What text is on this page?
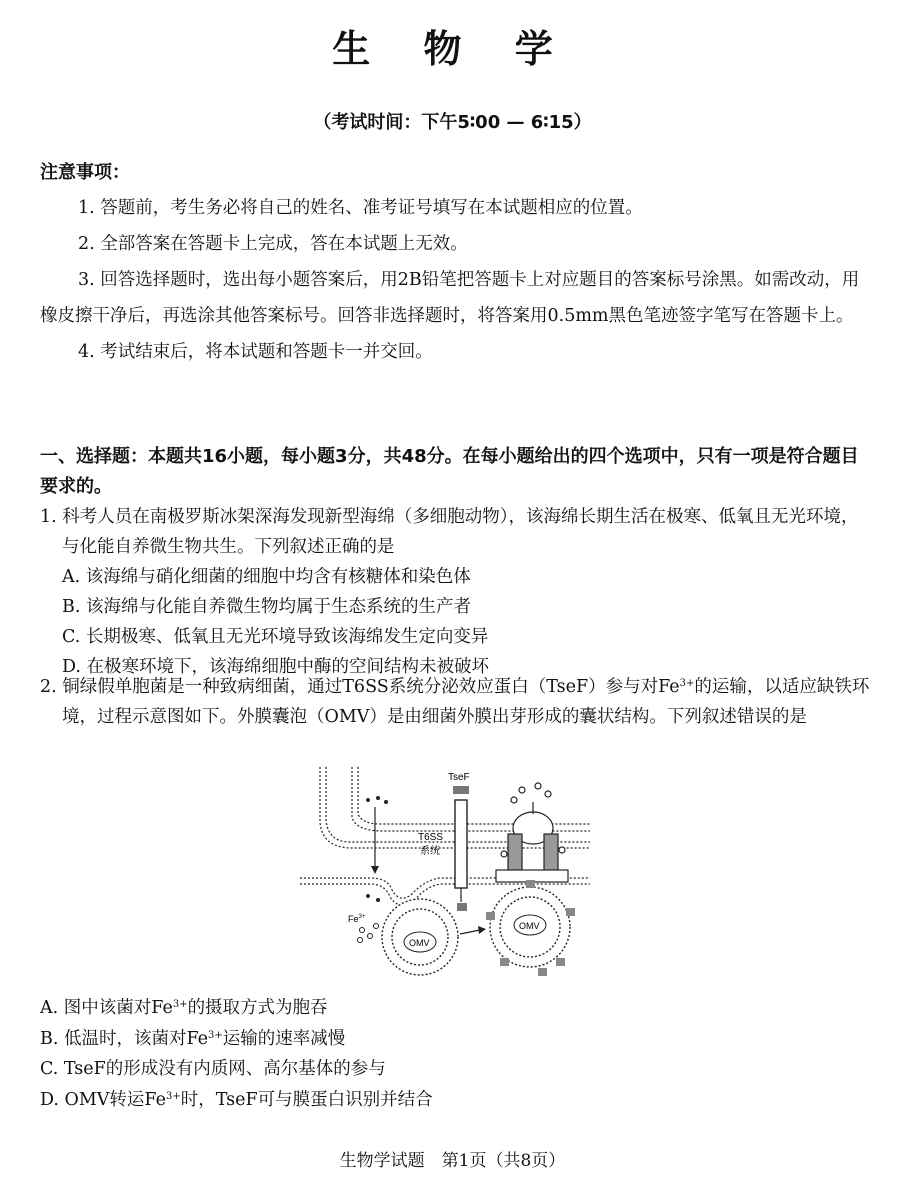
生 物 学
（考试时间：下午5∶00 — 6∶15）
注意事项：

1. 答题前，考生务必将自己的姓名、准考证号填写在本试题相应的位置。

2. 全部答案在答题卡上完成，答在本试题上无效。

3. 回答选择题时，选出每小题答案后，用2B铅笔把答题卡上对应题目的答案标号涂黑。如需改动，用橡皮擦干净后，再选涂其他答案标号。回答非选择题时，将答案用0.5mm黑色笔迹签字笔写在答题卡上。

4. 考试结束后，将本试题和答题卡一并交回。

一、选择题：本题共16小题，每小题3分，共48分。在每小题给出的四个选项中，只有一项是符合题目要求的。

1. 科考人员在南极罗斯冰架深海发现新型海绵（多细胞动物），该海绵长期生活在极寒、低氧且无光环境，与化能自养微生物共生。下列叙述正确的是

A. 该海绵与硝化细菌的细胞中均含有核糖体和染色体
B. 该海绵与化能自养微生物均属于生态系统的生产者
C. 长期极寒、低氧且无光环境导致该海绵发生定向变异
D. 在极寒环境下，该海绵细胞中酶的空间结构未被破坏

2. 铜绿假单胞菌是一种致病细菌，通过T6SS系统分泌效应蛋白（TseF）参与对$Fe^{3+}$的运输，以适应缺铁环境，过程示意图如下。外膜囊泡（OMV）是由细菌外膜出芽形成的囊状结构。下列叙述错误的是

TseF
T6SS
系统
OMV
$Fe^{3+}$
OMV
A. 图中该菌对$Fe^{3+}$的摄取方式为胞吞
B. 低温时，该菌对$Fe^{3+}$运输的速率减慢
C. TseF的形成没有内质网、高尔基体的参与
D. OMV转运$Fe^{3+}$时，TseF可与膜蛋白识别并结合
生物学试题　第1页（共8页）
